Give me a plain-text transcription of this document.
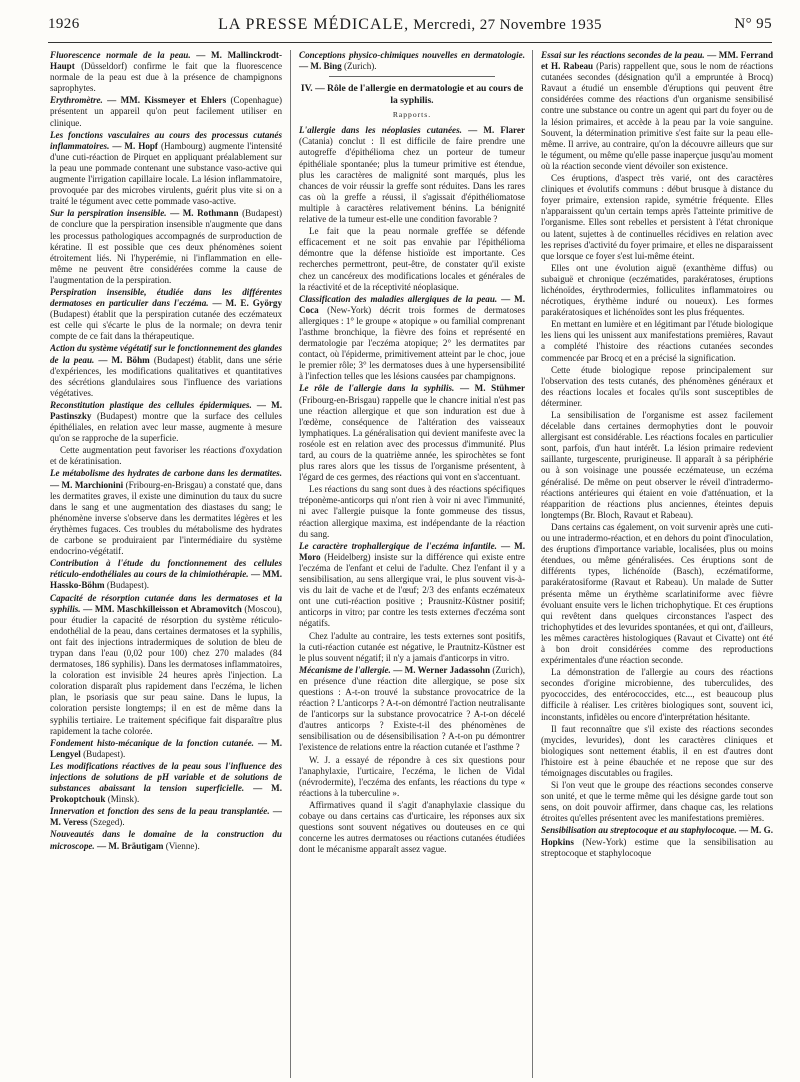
1926	LA PRESSE MÉDICALE, Mercredi, 27 Novembre 1935	N° 95

Fluorescence normale de la peau. — M. Mallinckrodt-Haupt (Düsseldorf) confirme le fait que la fluorescence normale de la peau est due à la présence de champignons saprophytes.

Erythromètre. — MM. Kissmeyer et Ehlers (Copenhague) présentent un appareil qu'on peut facilement utiliser en clinique.

Les fonctions vasculaires au cours des processus cutanés inflammatoires. — M. Hopf (Hambourg) augmente l'intensité d'une cuti-réaction de Pirquet en appliquant préalablement sur la peau une pommade contenant une substance vaso-active qui augmente l'irrigation capillaire locale. La lésion inflammatoire, provoquée par des microbes virulents, guérit plus vite si on a traité le tégument avec cette pommade vaso-active.

Sur la perspiration insensible. — M. Rothmann (Budapest) de conclure que la perspiration insensible n'augmente que dans les processus pathologiques accompagnés de surproduction de kératine. Il est possible que ces deux phénomènes soient étroitement liés. Ni l'hyperémie, ni l'inflammation en elle-même ne peuvent être considérées comme la cause de l'augmentation de la perspiration.

Perspiration insensible, étudiée dans les différentes dermatoses en particulier dans l'eczéma. — M. E. György (Budapest) établit que la perspiration cutanée des eczémateux est celle qui s'écarte le plus de la normale; on devra tenir compte de ce fait dans la thérapeutique.

Action du système végétatif sur le fonctionnement des glandes de la peau. — M. Böhm (Budapest) établit, dans une série d'expériences, les modifications qualitatives et quantitatives des sécrétions glandulaires sous l'influence des variations végétatives.

Reconstitution plastique des cellules épidermiques. — M. Pastinszky (Budapest) montre que la surface des cellules épithéliales, en relation avec leur masse, augmente à mesure qu'on se rapproche de la superficie.

Cette augmentation peut favoriser les réactions d'oxydation et de kératinisation.

Le métabolisme des hydrates de carbone dans les dermatites. — M. Marchionini (Fribourg-en-Brisgau) a constaté que, dans les dermatites graves, il existe une diminution du taux du sucre dans le sang et une augmentation des diastases du sang; le phénomène inverse s'observe dans les dermatites légères et les érythèmes fugaces. Ces troubles du métabolisme des hydrates de carbone se produiraient par l'intermédiaire du système endocrino-végétatif.

Contribution à l'étude du fonctionnement des cellules réticulo-endothéliales au cours de la chimiothérapie. — MM. Hassko-Böhm (Budapest).

Capacité de résorption cutanée dans les dermatoses et la syphilis. — MM. Maschkilleisson et Abramovitch (Moscou), pour étudier la capacité de résorption du système réticulo-endothélial de la peau, dans certaines dermatoses et la syphilis, ont fait des injections intradermiques de solution de bleu de trypan dans l'eau (0,02 pour 100) chez 270 malades (84 dermatoses, 186 syphilis). Dans les dermatoses inflammatoires, la coloration est invisible 24 heures après l'injection. La coloration disparaît plus rapidement dans l'eczéma, le lichen plan, le psoriasis que sur peau saine. Dans le lupus, la coloration persiste longtemps; il en est de même dans la syphilis tertiaire. Le traitement spécifique fait disparaître plus rapidement la tache colorée.

Fondement histo-mécanique de la fonction cutanée. — M. Lengyel (Budapest).

Les modifications réactives de la peau sous l'influence des injections de solutions de pH variable et de solutions de substances abaissant la tension superficielle. — M. Prokoptchouk (Minsk).

Innervation et fonction des sens de la peau transplantée. — M. Veress (Szeged).

Nouveautés dans le domaine de la construction du microscope. — M. Bräutigam (Vienne).

Conceptions physico-chimiques nouvelles en dermatologie. — M. Bing (Zurich).

IV. — Rôle de l'allergie en dermatologie et au cours de la syphilis.
Rapports.

L'allergie dans les néoplasies cutanées. — M. Flarer (Catania) conclut : Il est difficile de faire prendre une autogreffe d'épithélioma chez un porteur de tumeur épithéliale spontanée; plus la tumeur primitive est étendue, plus les caractères de malignité sont marqués, plus les chances de voir réussir la greffe sont réduites. Dans les rares cas où la greffe a réussi, il s'agissait d'épithéliomatose multiple à caractères relativement bénins. La bénignité relative de la tumeur est-elle une condition favorable ?

Le fait que la peau normale greffée se défende efficacement et ne soit pas envahie par l'épithélioma démontre que la défense histioïde est importante. Ces recherches permettront, peut-être, de constater qu'il existe chez un cancéreux des modifications locales et générales de la réactivité et de la réceptivité néoplasique.

Classification des maladies allergiques de la peau. — M. Coca (New-York) décrit trois formes de dermatoses allergiques : 1° le groupe « atopique » ou familial comprenant l'asthme bronchique, la fièvre des foins et représenté en dermatologie par l'eczéma atopique; 2° les dermatites par contact, où l'épiderme, primitivement atteint par le choc, joue le premier rôle; 3° les dermatoses dues à une hypersensibilité à l'infection telles que les lésions causées par champignons.

Le rôle de l'allergie dans la syphilis. — M. Stühmer (Fribourg-en-Brisgau) rappelle que le chancre initial n'est pas une réaction allergique et que son induration est due à l'œdème, conséquence de l'altération des vaisseaux lymphatiques. La généralisation qui devient manifeste avec la roséole est en relation avec des processus d'immunité. Plus tard, au cours de la quatrième année, les spirochètes se font plus rares alors que les tissus de l'organisme présentent, à l'égard de ces germes, des réactions qui vont en s'accentuant.

Les réactions du sang sont dues à des réactions spécifiques tréponème-anticorps qui n'ont rien à voir ni avec l'immunité, ni avec l'allergie puisque la fonte gommeuse des tissus, réaction allergique maxima, est indépendante de la réaction du sang.

Le caractère trophallergique de l'eczéma infantile. — M. Moro (Heidelberg) insiste sur la différence qui existe entre l'eczéma de l'enfant et celui de l'adulte. Chez l'enfant il y a sensibilisation, au sens allergique vrai, le plus souvent vis-à-vis du lait de vache et de l'œuf; 2/3 des enfants eczémateux ont une cuti-réaction positive ; Prausnitz-Küstner positif; anticorps in vitro; par contre les tests externes d'eczéma sont négatifs.

Chez l'adulte au contraire, les tests externes sont positifs, la cuti-réaction cutanée est négative, le Prautnitz-Küstner est le plus souvent négatif; il n'y a jamais d'anticorps in vitro.

Mécanisme de l'allergie. — M. Werner Jadassohn (Zurich), en présence d'une réaction dite allergique, se pose six questions : A-t-on trouvé la substance provocatrice de la réaction ? L'anticorps ? A-t-on démontré l'action neutralisante de l'anticorps sur la substance provocatrice ? A-t-on décelé d'autres anticorps ? Existe-t-il des phénomènes de sensibilisation ou de désensibilisation ? A-t-on pu démontrer l'existence de relations entre la réaction cutanée et l'asthme ?

W. J. a essayé de répondre à ces six questions pour l'anaphylaxie, l'urticaire, l'eczéma, le lichen de Vidal (névrodermite), l'eczéma des enfants, les réactions du type « réactions à la tuberculine ».

Affirmatives quand il s'agit d'anaphylaxie classique du cobaye ou dans certains cas d'urticaire, les réponses aux six questions sont souvent négatives ou douteuses en ce qui concerne les autres dermatoses ou réactions cutanées étudiées dont le mécanisme apparaît assez vague.

Essai sur les réactions secondes de la peau. — MM. Ferrand et H. Rabeau (Paris) rappellent que, sous le nom de réactions cutanées secondes (désignation qu'il a empruntée à Brocq) Ravaut a étudié un ensemble d'éruptions qui peuvent être considérées comme des réactions d'un organisme sensibilisé contre une substance ou contre un agent qui part du foyer ou de la lésion primaires, et accède à la peau par la voie sanguine. Souvent, la détermination primitive s'est faite sur la peau elle-même. Il arrive, au contraire, qu'on la découvre ailleurs que sur le tégument, ou même qu'elle passe inaperçue jusqu'au moment où la réaction seconde vient dévoiler son existence.

Ces éruptions, d'aspect très varié, ont des caractères cliniques et évolutifs communs : début brusque à distance du foyer primaire, extension rapide, symétrie fréquente. Elles n'apparaissent qu'un certain temps après l'atteinte primitive de l'organisme. Elles sont rebelles et persistent à l'état chronique ou latent, sujettes à de continuelles récidives en relation avec les reprises d'activité du foyer primaire, et elles ne disparaissent que lorsque ce foyer s'est lui-même éteint.

Elles ont une évolution aiguë (exanthème diffus) ou subaiguë et chronique (eczématides, parakératoses, éruptions lichénoïdes, érythrodermies, folliculites inflammatoires ou nécrotiques, érythème induré ou noueux). Les formes parakératosiques et lichénoïdes sont les plus fréquentes.

En mettant en lumière et en légitimant par l'étude biologique les liens qui les unissent aux manifestations premières, Ravaut a complété l'histoire des réactions cutanées secondes commencée par Brocq et en a précisé la signification.

Cette étude biologique repose principalement sur l'observation des tests cutanés, des phénomènes généraux et des réactions locales et focales qu'ils sont susceptibles de déterminer.

La sensibilisation de l'organisme est assez facilement décelable dans certaines dermophyties dont le pouvoir allergisant est considérable. Les réactions focales en particulier sont, parfois, d'un haut intérêt. La lésion primaire redevient saillante, turgescente, prurigineuse. Il apparaît à sa périphérie ou à son voisinage une poussée eczémateuse, un eczéma généralisé. De même on peut observer le réveil d'intradermo-réactions antérieures qui étaient en voie d'atténuation, et la réapparition de réactions plus anciennes, éteintes depuis longtemps (Br. Bloch, Ravaut et Rabeau).

Dans certains cas également, on voit survenir après une cuti- ou une intradermo-réaction, et en dehors du point d'inoculation, des éruptions d'importance variable, localisées, plus ou moins étendues, ou même généralisées. Ces éruptions sont de différents types, lichénoïde (Basch), eczématiforme, parakératosiforme (Ravaut et Rabeau). Un malade de Sutter présenta même un érythème scarlatiniforme avec fièvre évoluant ensuite vers le lichen trichophytique. Et ces éruptions qui revêtent dans quelques circonstances l'aspect des trichophytides et des levurides spontanées, et qui ont, d'ailleurs, les mêmes caractères histologiques (Ravaut et Civatte) ont été à bon droit considérées comme des reproductions expérimentales d'une réaction seconde.

La démonstration de l'allergie au cours des réactions secondes d'origine microbienne, des tuberculides, des pyococcides, des entérococcides, etc..., est beaucoup plus difficile à réaliser. Les critères biologiques sont, souvent ici, inconstants, infidèles ou encore d'interprétation hésitante.

Il faut reconnaître que s'il existe des réactions secondes (mycides, levurides), dont les caractères cliniques et biologiques sont nettement établis, il en est d'autres dont l'histoire est à peine ébauchée et ne repose que sur des témoignages discutables ou fragiles.

Si l'on veut que le groupe des réactions secondes conserve son unité, et que le terme même qui les désigne garde tout son sens, on doit pouvoir affirmer, dans chaque cas, les relations étroites qu'elles présentent avec les manifestations premières.

Sensibilisation au streptocoque et au staphylocoque. — M. G. Hopkins (New-York) estime que la sensibilisation au streptocoque et staphylocoque
